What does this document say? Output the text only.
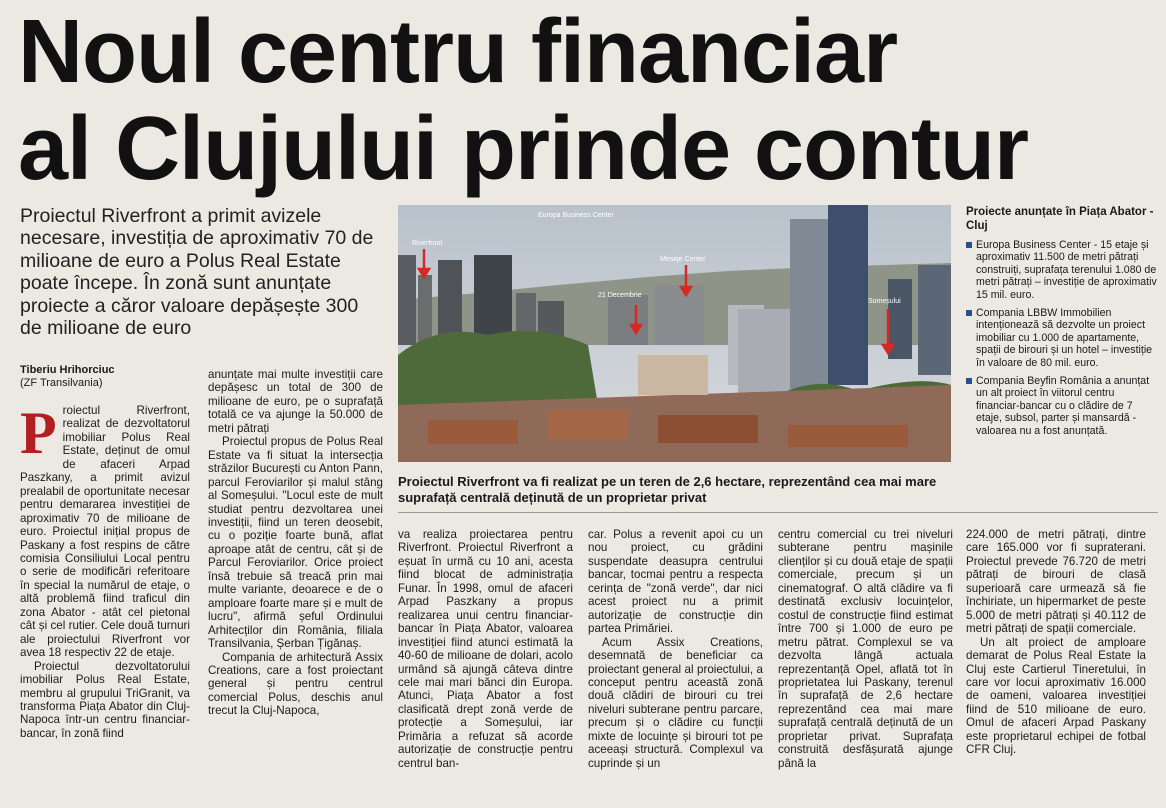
Noul centru financiar
al Clujului prinde contur

Proiectul Riverfront a primit avizele necesare, investiția de aproximativ 70 de milioane de euro a Polus Real Estate poate începe. În zonă sunt anunțate proiecte a căror valoare depășește 300 de milioane de euro

Tiberiu Hrihorciuc
(ZF Transilvania)

Proiectul Riverfront, realizat de dezvoltatorul imobiliar Polus Real Estate, deținut de omul de afaceri Arpad Paszkany, a primit avizul prealabil de oportunitate necesar pentru demararea investiției de aproximativ 70 de milioane de euro. Proiectul inițial propus de Paskany a fost respins de către comisia Consiliului Local pentru o serie de modificări referitoare în special la numărul de etaje, o altă problemă fiind traficul din zona Abator - atât cel pietonal cât și cel rutier. Cele două turnuri ale proiectului Riverfront vor avea 18 respectiv 22 de etaje.

Proiectul dezvoltatorului imobiliar Polus Real Estate, membru al grupului TriGranit, va transforma Piața Abator din Cluj-Napoca într-un centru financiar-bancar, în zonă fiind

anunțate mai multe investiții care depășesc un total de 300 de milioane de euro, pe o suprafață totală ce va ajunge la 50.000 de metri pătrați

Proiectul propus de Polus Real Estate va fi situat la intersecția străzilor București cu Anton Pann, parcul Feroviarilor și malul stâng al Someșului. "Locul este de mult studiat pentru dezvoltarea unei investiții, fiind un teren deosebit, cu o poziție foarte bună, aflat aproape atât de centru, cât și de Parcul Feroviarilor. Orice proiect însă trebuie să treacă prin mai multe variante, deoarece e de o amploare foarte mare și e mult de lucru", afirmă șeful Ordinului Arhitecților din România, filiala Transilvania, Șerban Țigănaș.

Compania de arhitectură Assix Creations, care a fost proiectant general și pentru centrul comercial Polus, deschis anul trecut la Cluj-Napoca,

Riverfront
21 Decembrie
Mesaje Center
Someșului
Europa Business Center

Proiectul Riverfront va fi realizat pe un teren de 2,6 hectare, reprezentând cea mai mare suprafață centrală deținută de un proprietar privat

Proiecte anunțate în Piața Abator - Cluj

Europa Business Center - 15 etaje și aproximativ 11.500 de metri pătrați construiți, suprafața terenului 1.080 de metri pătrați – investiție de aproximativ 15 mil. euro.

Compania LBBW Immobilien intenționează să dezvolte un proiect imobiliar cu 1.000 de apartamente, spații de birouri și un hotel – investiție în valoare de 80 mil. euro.

Compania Beyfin România a anunțat un alt proiect în viitorul centru financiar-bancar cu o clădire de 7 etaje, subsol, parter și mansardă - valoarea nu a fost anunțată.

va realiza proiectarea pentru Riverfront. Proiectul Riverfront a eșuat în urmă cu 10 ani, acesta fiind blocat de administrația Funar. În 1998, omul de afaceri Arpad Paszkany a propus realizarea unui centru financiar-bancar în Piața Abator, valoarea investiției fiind atunci estimată la 40-60 de milioane de dolari, acolo urmând să ajungă câteva dintre cele mai mari bănci din Europa. Atunci, Piața Abator a fost clasificată drept zonă verde de protecție a Someșului, iar Primăria a refuzat să acorde autorizație de construcție pentru centrul ban-

car. Polus a revenit apoi cu un nou proiect, cu grădini suspendate deasupra centrului bancar, tocmai pentru a respecta cerința de "zonă verde", dar nici acest proiect nu a primit autorizație de construcție din partea Primăriei.

Acum Assix Creations, desemnată de beneficiar ca proiectant general al proiectului, a conceput pentru această zonă două clădiri de birouri cu trei niveluri subterane pentru parcare, precum și o clădire cu funcții mixte de locuințe și birouri tot pe aceeași structură. Complexul va cuprinde și un

centru comercial cu trei niveluri subterane pentru mașinile clienților și cu două etaje de spații comerciale, precum și un cinematograf. O altă clădire va fi destinată exclusiv locuințelor, costul de construcție fiind estimat între 700 și 1.000 de euro pe metru pătrat. Complexul se va dezvolta lângă actuala reprezentanță Opel, aflată tot în proprietatea lui Paskany, terenul în suprafață de 2,6 hectare reprezentând cea mai mare suprafață centrală deținută de un proprietar privat. Suprafața construită desfășurată ajunge până la

224.000 de metri pătrați, dintre care 165.000 vor fi supraterani. Proiectul prevede 76.720 de metri pătrați de birouri de clasă superioară care urmează să fie închiriate, un hipermarket de peste 5.000 de metri pătrați și 40.112 de metri pătrați de spații comerciale.

Un alt proiect de amploare demarat de Polus Real Estate la Cluj este Cartierul Tineretului, în care vor locui aproximativ 16.000 de oameni, valoarea investiției fiind de 510 milioane de euro. Omul de afaceri Arpad Paskany este proprietarul echipei de fotbal CFR Cluj.
